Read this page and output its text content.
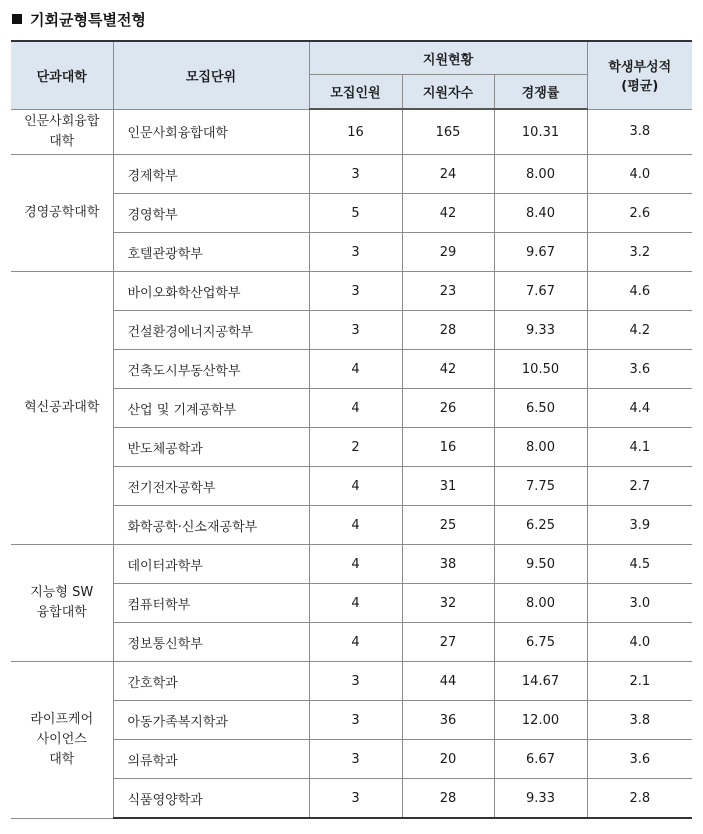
기회균형특별전형
단과대학	모집단위	지원현황			학생부성적
(평균)

		모집인원	지원자수	경쟁률	

인문사회융합
대학	인문사회융합대학	16	165	10.31	3.8

경영공학대학	경제학부	3	24	8.00	4.0
	경영학부	5	42	8.40	2.6
	호텔관광학부	3	29	9.67	3.2

혁신공과대학	바이오화학산업학부	3	23	7.67	4.6
	건설환경에너지공학부	3	28	9.33	4.2
	건축도시부동산학부	4	42	10.50	3.6
	산업 및 기계공학부	4	26	6.50	4.4
	반도체공학과	2	16	8.00	4.1
	전기전자공학부	4	31	7.75	2.7
	화학공학·신소재공학부	4	25	6.25	3.9

지능형 SW
융합대학	데이터과학부	4	38	9.50	4.5
	컴퓨터학부	4	32	8.00	3.0
	정보통신학부	4	27	6.75	4.0

라이프케어
사이언스
대학	간호학과	3	44	14.67	2.1
	아동가족복지학과	3	36	12.00	3.8
	의류학과	3	20	6.67	3.6
	식품영양학과	3	28	9.33	2.8
